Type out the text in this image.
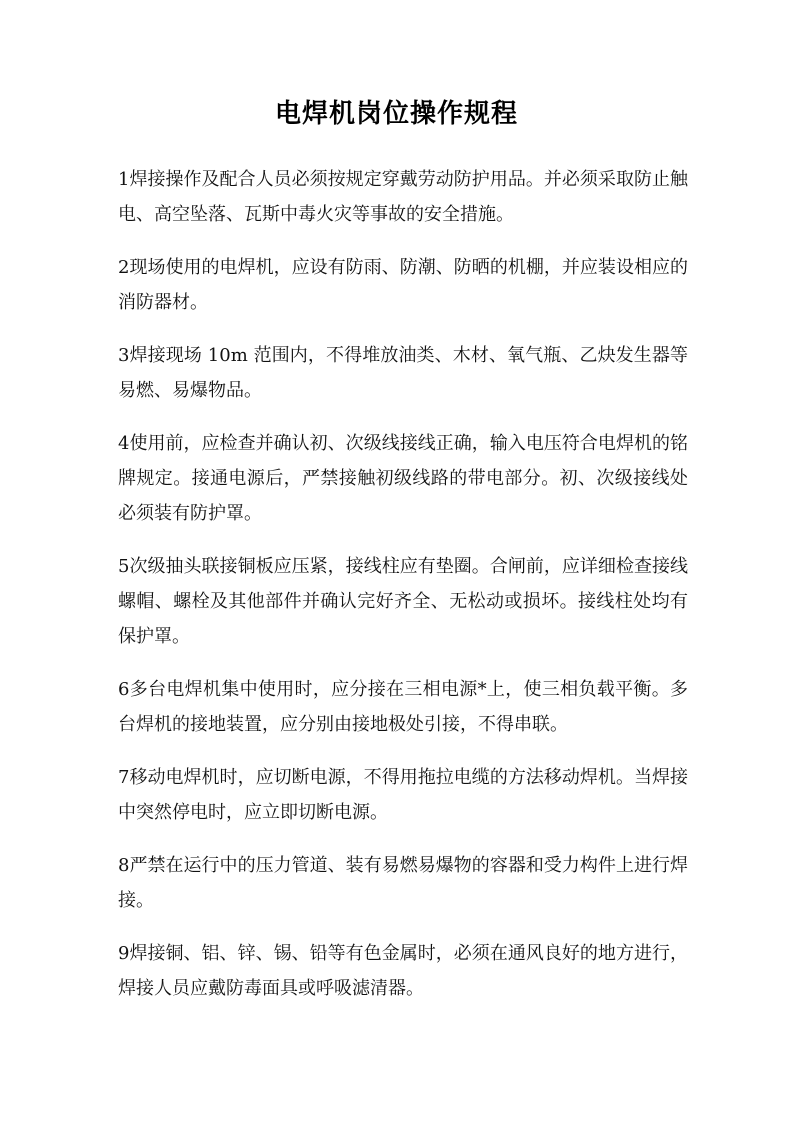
电焊机岗位操作规程

1焊接操作及配合人员必须按规定穿戴劳动防护用品。并必须采取防止触电、高空坠落、瓦斯中毒火灾等事故的安全措施。

2现场使用的电焊机，应设有防雨、防潮、防晒的机棚，并应装设相应的消防器材。

3焊接现场 10m 范围内，不得堆放油类、木材、氧气瓶、乙炔发生器等易燃、易爆物品。

4使用前，应检查并确认初、次级线接线正确，输入电压符合电焊机的铭牌规定。接通电源后，严禁接触初级线路的带电部分。初、次级接线处必须装有防护罩。

5次级抽头联接铜板应压紧，接线柱应有垫圈。合闸前，应详细检查接线螺帽、螺栓及其他部件并确认完好齐全、无松动或损坏。接线柱处均有保护罩。

6多台电焊机集中使用时，应分接在三相电源*上，使三相负载平衡。多台焊机的接地装置，应分别由接地极处引接，不得串联。

7移动电焊机时，应切断电源，不得用拖拉电缆的方法移动焊机。当焊接中突然停电时，应立即切断电源。

8严禁在运行中的压力管道、装有易燃易爆物的容器和受力构件上进行焊接。

9焊接铜、铝、锌、锡、铅等有色金属时，必须在通风良好的地方进行，焊接人员应戴防毒面具或呼吸滤清器。
